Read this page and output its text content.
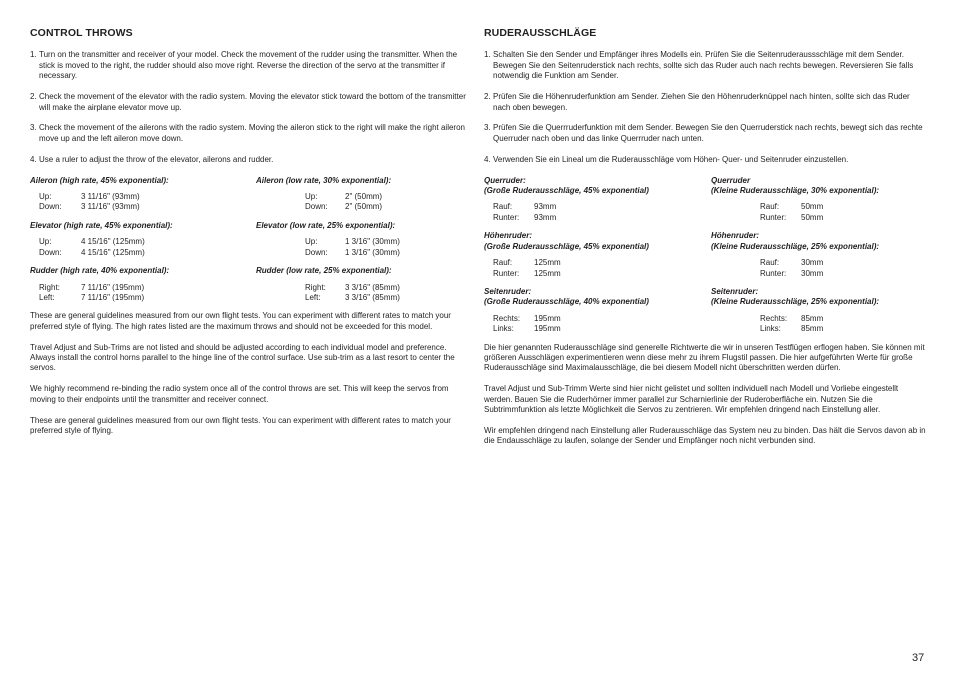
CONTROL THROWS
1. Turn on the transmitter and receiver of your model. Check the movement of the rudder using the transmitter. When the stick is moved to the right, the rudder should also move right. Reverse the direction of the servo at the transmitter if necessary.
2. Check the movement of the elevator with the radio system. Moving the elevator stick toward the bottom of the transmitter will make the airplane elevator move up.
3. Check the movement of the ailerons with the radio system. Moving the aileron stick to the right will make the right aileron move up and the left aileron move down.
4. Use a ruler to adjust the throw of the elevator, ailerons and rudder.
Aileron (high rate, 45% exponential):
Up:	3 11/16" (93mm)
Down:	3 11/16" (93mm)
Aileron (low rate, 30% exponential):
Up:	2" (50mm)
Down:	2" (50mm)
Elevator (high rate, 45% exponential):
Up:	4 15/16" (125mm)
Down:	4 15/16" (125mm)
Elevator (low rate, 25% exponential):
Up:	1 3/16" (30mm)
Down:	1 3/16" (30mm)
Rudder (high rate, 40% exponential):
Right:	7 11/16" (195mm)
Left:	7 11/16" (195mm)
Rudder (low rate, 25% exponential):
Right:	3 3/16" (85mm)
Left:	3 3/16" (85mm)

These are general guidelines measured from our own flight tests. You can experiment with different rates to match your preferred style of flying. The high rates listed are the maximum throws and should not be exceeded for this model.

Travel Adjust and Sub-Trims are not listed and should be adjusted according to each individual model and preference. Always install the control horns parallel to the hinge line of the control surface. Use sub-trim as a last resort to center the servos.

We highly recommend re-binding the radio system once all of the control throws are set. This will keep the servos from moving to their endpoints until the transmitter and receiver connect.

These are general guidelines measured from our own flight tests. You can experiment with different rates to match your preferred style of flying.

RUDERAUSSCHLÄGE
1. Schalten Sie den Sender und Empfänger ihres Modells ein. Prüfen Sie die Seitenruderaussschläge mit dem Sender. Bewegen Sie den Seitenruderstick nach rechts, sollte sich das Ruder auch nach rechts bewegen. Reversieren Sie falls notwendig die Funktion am Sender.
2. Prüfen Sie die Höhenruderfunktion am Sender. Ziehen Sie den Höhenruderknüppel nach hinten, sollte sich das Ruder nach oben bewegen.
3. Prüfen Sie die Querrruderfunktion mit dem Sender. Bewegen Sie den Querruderstick nach rechts, bewegt sich das rechte Querruder nach oben und das linke Querrruder nach unten.
4. Verwenden Sie ein Lineal um die Ruderausschläge vom Höhen- Quer- und Seitenruder einzustellen.
Querruder:
(Große Ruderausschläge, 45% exponential)
Rauf:	93mm
Runter:	93mm
Querruder
(Kleine Ruderausschläge, 30% exponential):
Rauf:	50mm
Runter:	50mm
Höhenruder:
(Große Ruderausschläge, 45% exponential)
Rauf:	125mm
Runter:	125mm
Höhenruder:
(Kleine Ruderausschläge, 25% exponential):
Rauf:	30mm
Runter:	30mm
Seitenruder:
(Große Ruderausschläge, 40% exponential)
Rechts:	195mm
Links:	195mm
Seitenruder:
(Kleine Ruderausschläge, 25% exponential):
Rechts:	85mm
Links:	85mm

Die hier genannten Ruderausschläge sind generelle Richtwerte die wir in unseren Testflügen erflogen haben. Sie können mit größeren Ausschlägen experimentieren wenn diese mehr zu ihrem Flugstil passen. Die hier aufgeführten Werte für große Ruderausschläge sind Maximalausschläge, die bei diesem Modell nicht überschritten werden dürfen.

Travel Adjust und Sub-Trimm Werte sind hier nicht gelistet und sollten individuell nach Modell und Vorliebe eingestellt werden. Bauen Sie die Ruderhörner immer parallel zur Scharnierlinie der Ruderoberfläche ein. Nutzen Sie die Subtrimmfunktion als letzte Möglichkeit die Servos zu zentrieren. Wir empfehlen dringend nach Einstellung aller.

Wir empfehlen dringend nach Einstellung aller Ruderausschläge das System neu zu binden. Das hält die Servos davon ab in die Endausschläge zu laufen, solange der Sender und Empfänger noch nicht verbunden sind.

37
